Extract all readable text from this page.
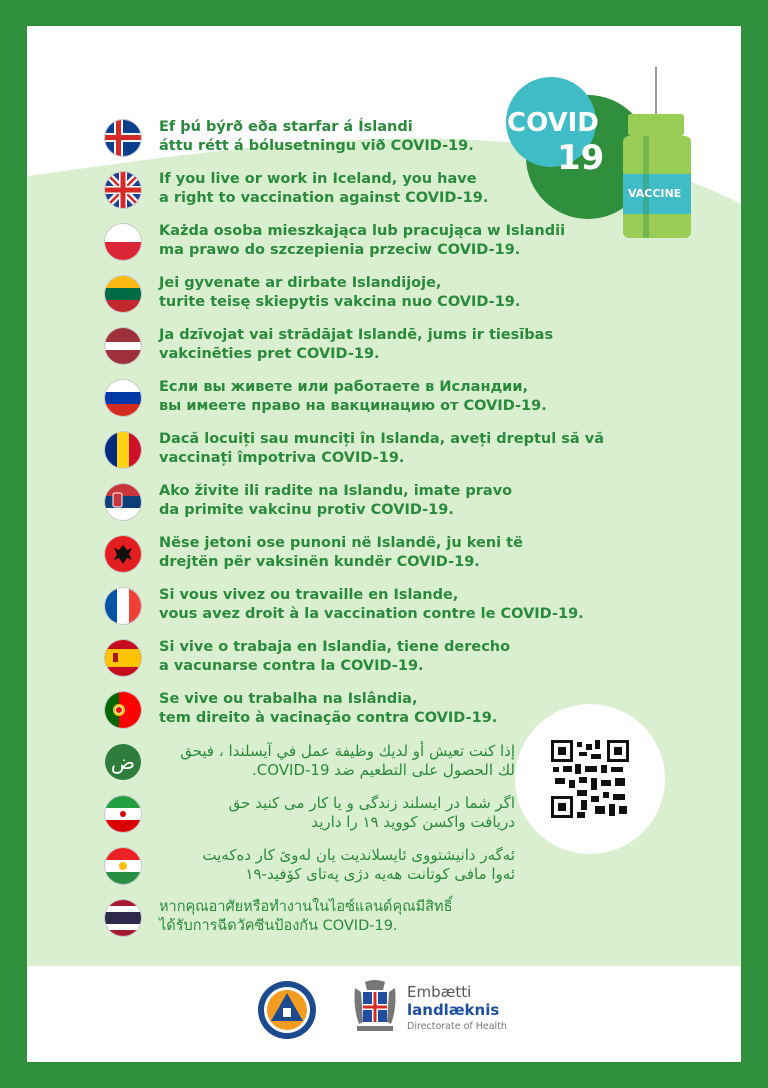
COVID
19
VACCINE
Ef þú býrð eða starfar á Íslandi
áttu rétt á bólusetningu við COVID-19.
If you live or work in Iceland, you have
a right to vaccination against COVID-19.
Każda osoba mieszkająca lub pracująca w Islandii
ma prawo do szczepienia przeciw COVID-19.
Jei gyvenate ar dirbate Islandijoje,
turite teisę skiepytis vakcina nuo COVID-19.
Ja dzīvojat vai strādājat Islandē, jums ir tiesības
vakcinēties pret COVID-19.
Если вы живете или работаете в Исландии,
вы имеете право на вакцинацию от COVID-19.
Dacă locuiți sau munciți în Islanda, aveți dreptul să vă
vaccinați împotriva COVID-19.
Ako živite ili radite na Islandu, imate pravo
da primite vakcinu protiv COVID-19.
Nëse jetoni ose punoni në Islandë, ju keni të
drejtën për vaksinën kundër COVID-19.
Si vous vivez ou travaille en Islande,
vous avez droit à la vaccination contre le COVID-19.
Si vive o trabaja en Islandia, tiene derecho
a vacunarse contra la COVID-19.
Se vive ou trabalha na Islândia,
tem direito à vacinação contra COVID-19.
ض	إذا كنت تعيش أو لديك وظيفة عمل في آيسلندا ، فيحق
لك الحصول على التطعيم ضد COVID-19.
اگر شما در ایسلند زندگی و یا کار می کنید حق
دریافت واکسن کووید ۱۹ را دارید
ئەگەر دانیشتووی ئایسلاندیت یان لەوێ کار دەکەیت
ئەوا مافی کوتانت هەیە دژی پەتای کۆفید-١٩
หากคุณอาศัยหรือทำงานในไอซ์แลนด์คุณมีสิทธิ์
ได้รับการฉีดวัคซีนป้องกัน COVID-19.
Embætti
landlæknis
Directorate of Health
